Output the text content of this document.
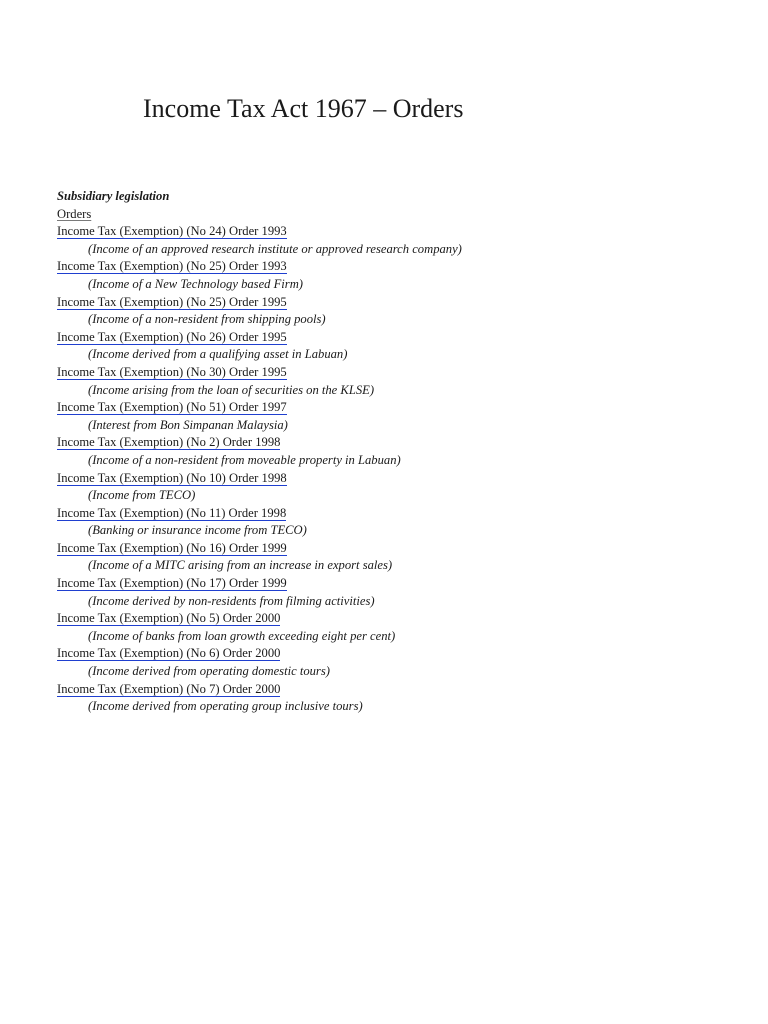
Income Tax Act 1967 – Orders
Subsidiary legislation
Orders
Income Tax (Exemption) (No 24) Order 1993
(Income of an approved research institute or approved research company)
Income Tax (Exemption) (No 25) Order 1993
(Income of a New Technology based Firm)
Income Tax (Exemption) (No 25) Order 1995
(Income of a non-resident from shipping pools)
Income Tax (Exemption) (No 26) Order 1995
(Income derived from a qualifying asset in Labuan)
Income Tax (Exemption) (No 30) Order 1995
(Income arising from the loan of securities on the KLSE)
Income Tax (Exemption) (No 51) Order 1997
(Interest from Bon Simpanan Malaysia)
Income Tax (Exemption) (No 2) Order 1998
(Income of a non-resident from moveable property in Labuan)
Income Tax (Exemption) (No 10) Order 1998
(Income from TECO)
Income Tax (Exemption) (No 11) Order 1998
(Banking or insurance income from TECO)
Income Tax (Exemption) (No 16) Order 1999
(Income of a MITC arising from an increase in export sales)
Income Tax (Exemption) (No 17) Order 1999
(Income derived by non-residents from filming activities)
Income Tax (Exemption) (No 5) Order 2000
(Income of banks from loan growth exceeding eight per cent)
Income Tax (Exemption) (No 6) Order 2000
(Income derived from operating domestic tours)
Income Tax (Exemption) (No 7) Order 2000
(Income derived from operating group inclusive tours)
